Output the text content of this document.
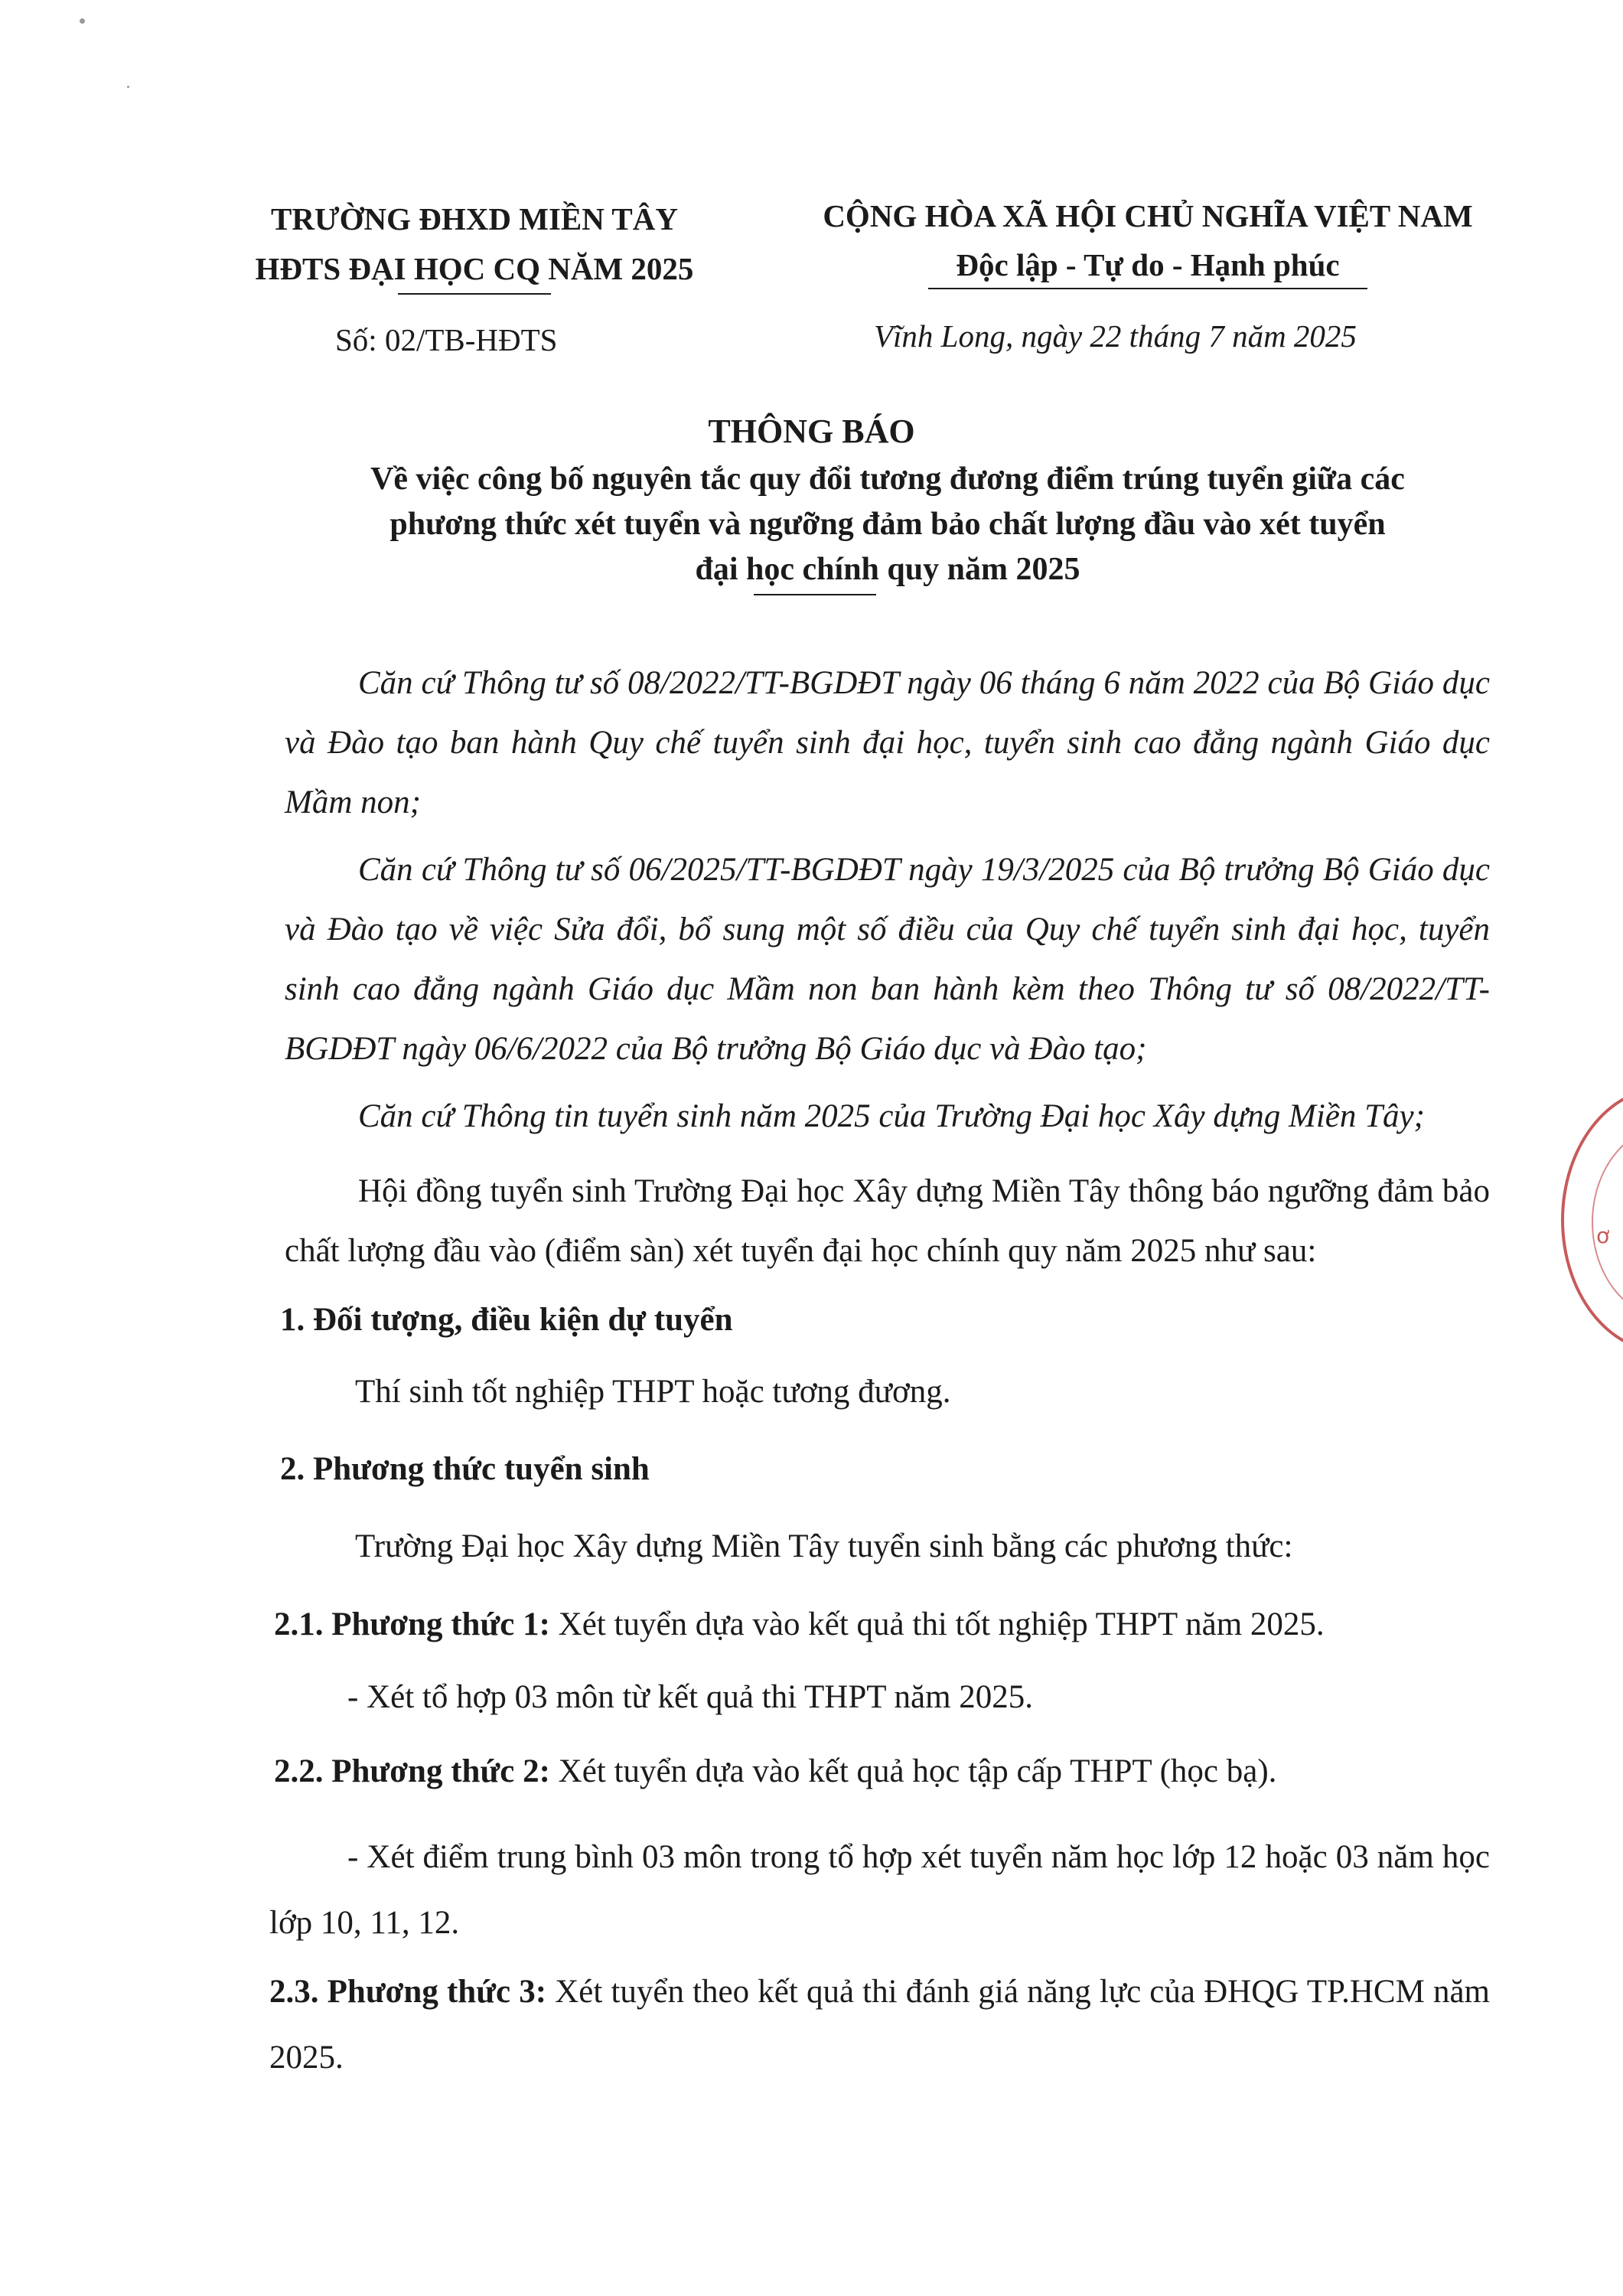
TRƯỜNG ĐHXD MIỀN TÂY
HĐTS ĐẠI HỌC CQ NĂM 2025
Số: 02/TB-HĐTS
CỘNG HÒA XÃ HỘI CHỦ NGHĨA VIỆT NAM
Độc lập - Tự do - Hạnh phúc
Vĩnh Long, ngày 22 tháng 7 năm 2025
THÔNG BÁO
Về việc công bố nguyên tắc quy đổi tương đương điểm trúng tuyển giữa các
phương thức xét tuyển và ngưỡng đảm bảo chất lượng đầu vào xét tuyển
đại học chính quy năm 2025
Căn cứ Thông tư số 08/2022/TT-BGDĐT ngày 06 tháng 6 năm 2022 của Bộ Giáo dục và Đào tạo ban hành Quy chế tuyển sinh đại học, tuyển sinh cao đẳng ngành Giáo dục Mầm non;
Căn cứ Thông tư số 06/2025/TT-BGDĐT ngày 19/3/2025 của Bộ trưởng Bộ Giáo dục và Đào tạo về việc Sửa đổi, bổ sung một số điều của Quy chế tuyển sinh đại học, tuyển sinh cao đẳng ngành Giáo dục Mầm non ban hành kèm theo Thông tư số 08/2022/TT-BGDĐT ngày 06/6/2022 của Bộ trưởng Bộ Giáo dục và Đào tạo;
Căn cứ Thông tin tuyển sinh năm 2025 của Trường Đại học Xây dựng Miền Tây;
Hội đồng tuyển sinh Trường Đại học Xây dựng Miền Tây thông báo ngưỡng đảm bảo chất lượng đầu vào (điểm sàn) xét tuyển đại học chính quy năm 2025 như sau:
1. Đối tượng, điều kiện dự tuyển
Thí sinh tốt nghiệp THPT hoặc tương đương.
2. Phương thức tuyển sinh
Trường Đại học Xây dựng Miền Tây tuyển sinh bằng các phương thức:
2.1. Phương thức 1: Xét tuyển dựa vào kết quả thi tốt nghiệp THPT năm 2025.
- Xét tổ hợp 03 môn từ kết quả thi THPT năm 2025.
2.2. Phương thức 2: Xét tuyển dựa vào kết quả học tập cấp THPT (học bạ).
- Xét điểm trung bình 03 môn trong tổ hợp xét tuyển năm học lớp 12 hoặc 03 năm học lớp 10, 11, 12.
2.3. Phương thức 3: Xét tuyển theo kết quả thi đánh giá năng lực của ĐHQG TP.HCM năm 2025.
ơ
